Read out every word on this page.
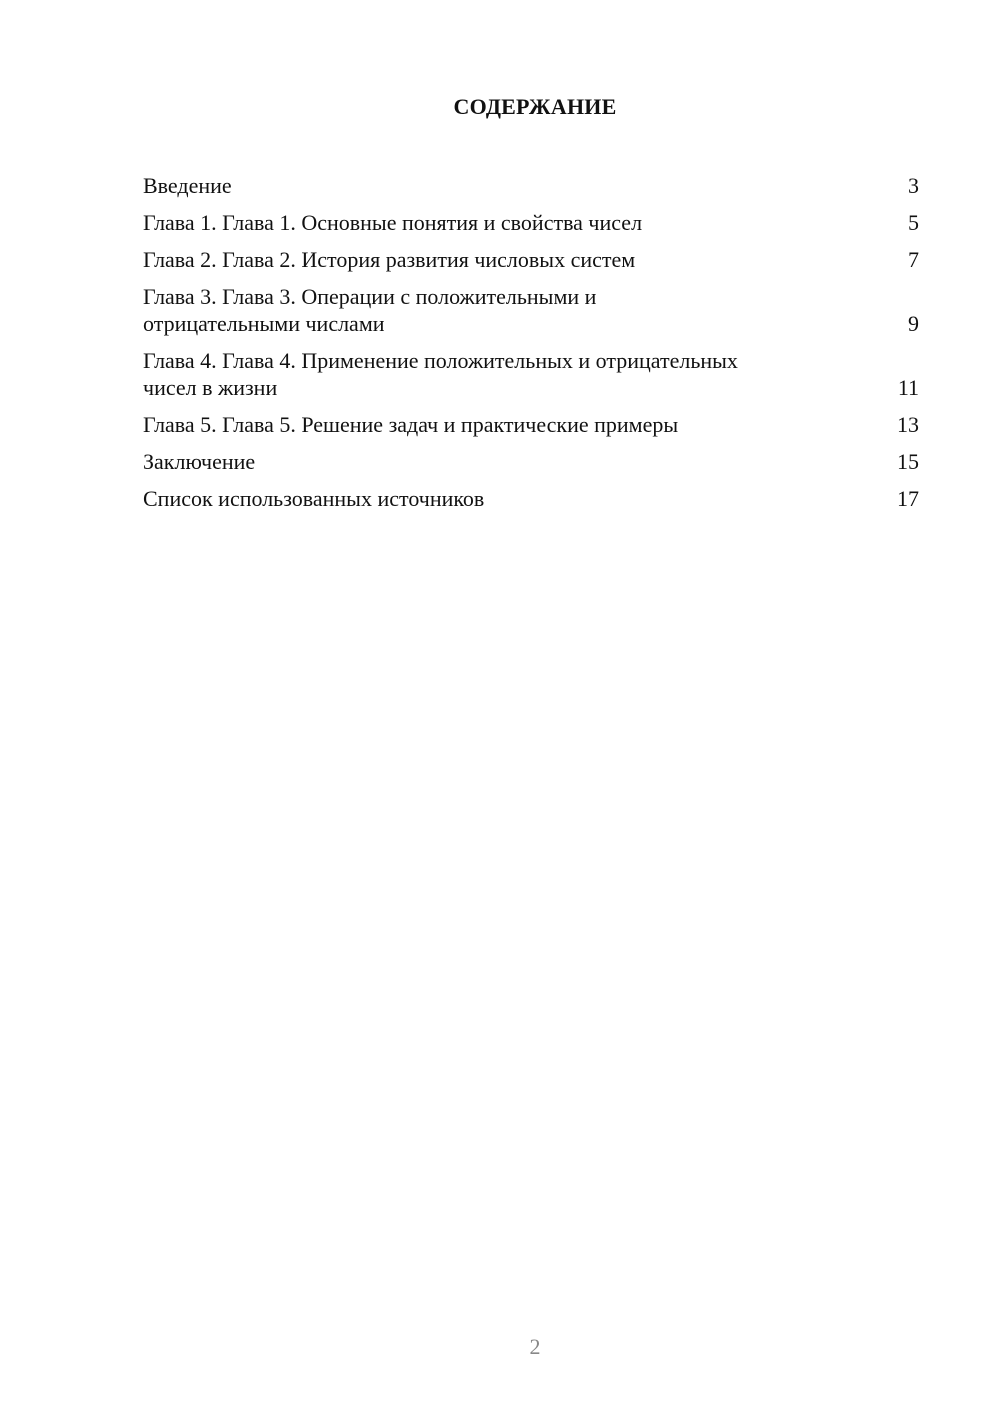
СОДЕРЖАНИЕ
Введение	3
Глава 1. Глава 1. Основные понятия и свойства чисел	5
Глава 2. Глава 2. История развития числовых систем	7
Глава 3. Глава 3. Операции с положительными и
отрицательными числами	9
Глава 4. Глава 4. Применение положительных и отрицательных
чисел в жизни	11
Глава 5. Глава 5. Решение задач и практические примеры	13
Заключение	15
Список использованных источников	17
2
